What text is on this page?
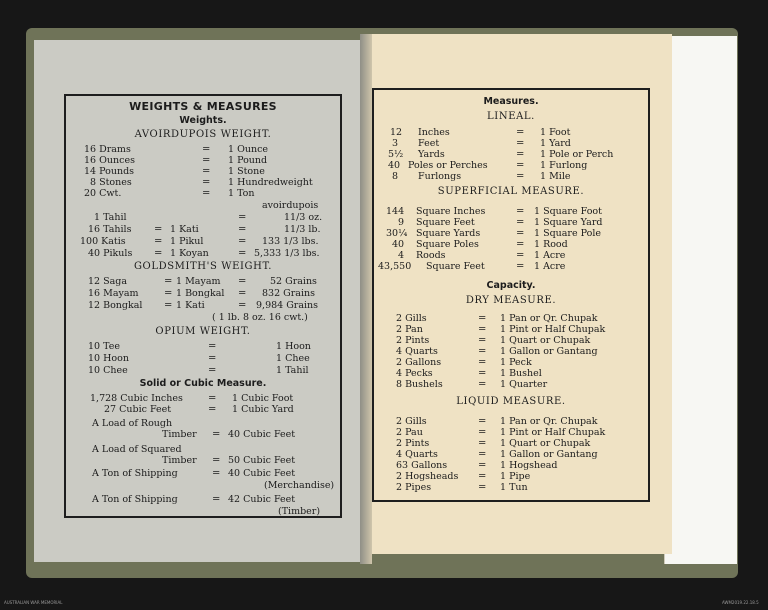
WEIGHTS & MEASURES
Weights.
AVOIRDUPOIS WEIGHT.
16 Drams	= 1 Ounce
16 Ounces	= 1 Pound
14 Pounds	= 1 Stone
8 Stones	= 1 Hundredweight
20 Cwt.	= 1 Ton
avoirdupois
1 Tahil	=	11/3 oz.
16 Tahils = 1 Kati	=	11/3 lb.
100 Katis	= 1 Pikul	= 133 1/3 lbs.
40 Pikuls = 1 Koyan	= 5,333 1/3 lbs.
GOLDSMITH'S WEIGHT.
12 Saga	= 1 Mayam = 52 Grains
16 Mayam	= 1 Bongkal = 832 Grains
12 Bongkal = 1 Kati	= 9,984 Grains
( 1 lb. 8 oz. 16 cwt.)
OPIUM WEIGHT.
10 Tee	=	1 Hoon
10 Hoon	=	1 Chee
10 Chee	=	1 Tahil
Solid or Cubic Measure.
1,728 Cubic Inches	= 1 Cubic Foot
27 Cubic Feet	= 1 Cubic Yard
A Load of Rough
Timber = 40 Cubic Feet
A Load of Squared
Timber = 50 Cubic Feet
A Ton of Shipping	= 40 Cubic Feet
(Merchandise)
A Ton of Shipping	= 42 Cubic Feet
(Timber)
Measures.
LINEAL.
12 Inches	= 1 Foot
3 Feet	= 1 Yard
5½ Yards	= 1 Pole or Perch
40 Poles or Perches	= 1 Furlong
8 Furlongs	= 1 Mile
SUPERFICIAL MEASURE.
144 Square Inches	= 1 Square Foot
9 Square Feet	= 1 Square Yard
30¼ Square Yards	= 1 Square Pole
40 Square Poles	= 1 Rood
4 Roods	= 1 Acre
43,550 Square Feet	= 1 Acre
Capacity.
DRY MEASURE.
2 Gills	= 1 Pan or Qr. Chupak
2 Pan	= 1 Pint or Half Chupak
2 Pints	= 1 Quart or Chupak
4 Quarts	= 1 Gallon or Gantang
2 Gallons	= 1 Peck
4 Pecks	= 1 Bushel
8 Bushels	= 1 Quarter
LIQUID MEASURE.
2 Gills	= 1 Pan or Qr. Chupak
2 Pau	= 1 Pint or Half Chupak
2 Pints	= 1 Quart or Chupak
4 Quarts	= 1 Gallon or Gantang
63 Gallons	= 1 Hogshead
2 Hogsheads = 1 Pipe
2 Pipes	= 1 Tun
AUSTRALIAN WAR MEMORIAL	AWM2019.22.18.5
